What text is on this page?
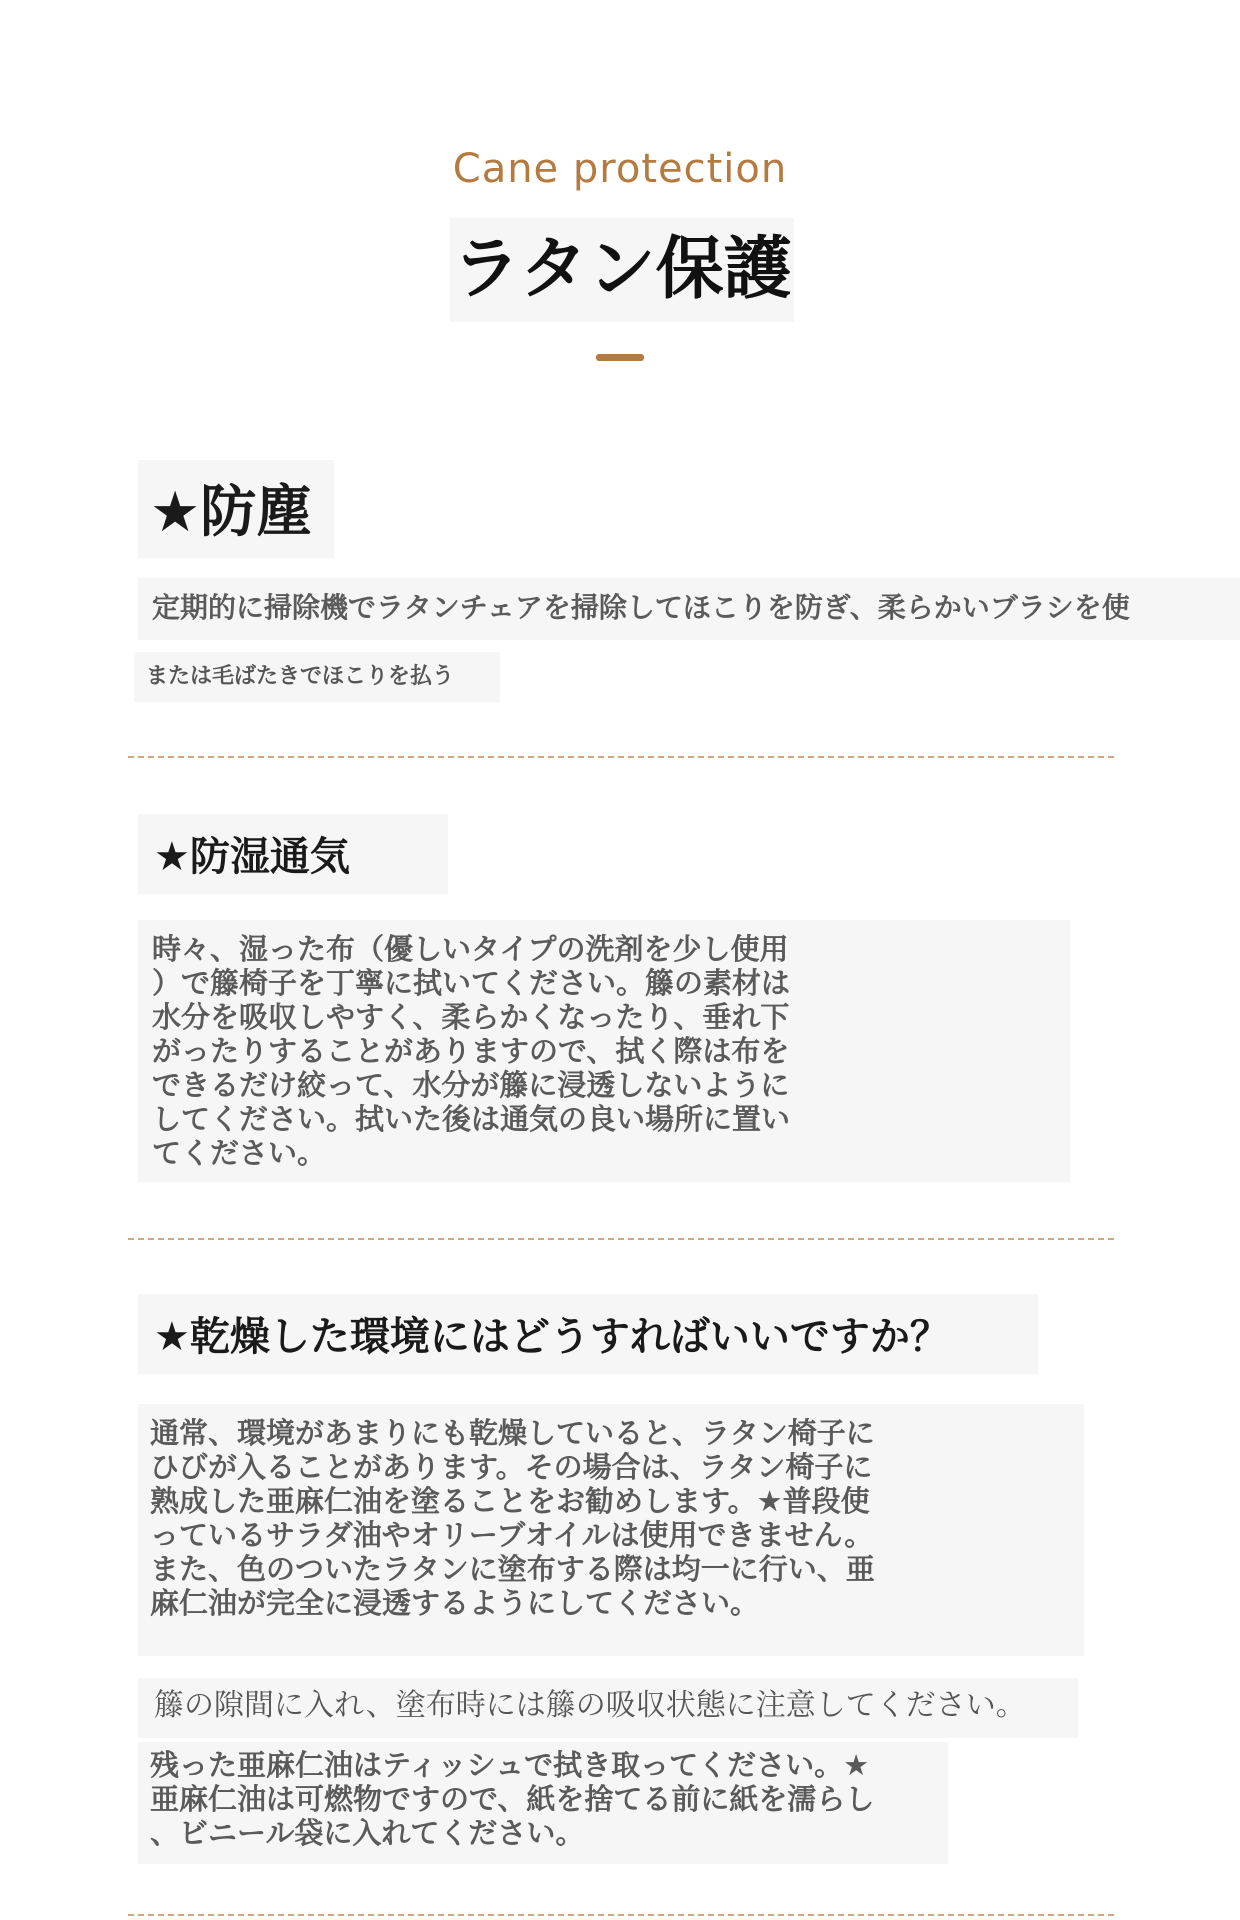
Cane protection
ラタン保護
★防塵
定期的に掃除機でラタンチェアを掃除してほこりを防ぎ、柔らかいブラシを使
または毛ばたきでほこりを払う
★防湿通気
時々、湿った布（優しいタイプの洗剤を少し使用
）で籐椅子を丁寧に拭いてください。籐の素材は
水分を吸収しやすく、柔らかくなったり、垂れ下
がったりすることがありますので、拭く際は布を
できるだけ絞って、水分が籐に浸透しないように
してください。拭いた後は通気の良い場所に置い
てください。
★乾燥した環境にはどうすればいいですか？
通常、環境があまりにも乾燥していると、ラタン椅子に
ひびが入ることがあります。その場合は、ラタン椅子に
熟成した亜麻仁油を塗ることをお勧めします。★普段使
っているサラダ油やオリーブオイルは使用できません。
また、色のついたラタンに塗布する際は均一に行い、亜
麻仁油が完全に浸透するようにしてください。
籐の隙間に入れ、塗布時には籐の吸収状態に注意してください。
残った亜麻仁油はティッシュで拭き取ってください。★
亜麻仁油は可燃物ですので、紙を捨てる前に紙を濡らし
、ビニール袋に入れてください。
